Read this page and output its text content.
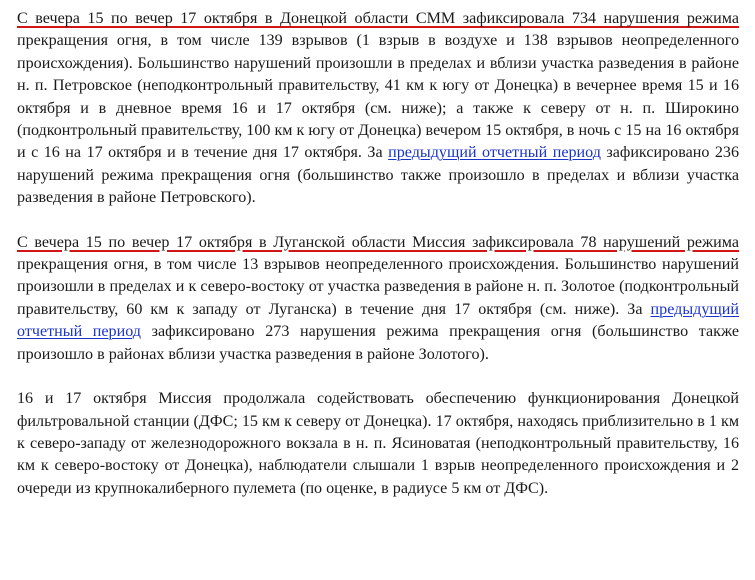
С вечера 15 по вечер 17 октября в Донецкой области СММ зафиксировала 734 нарушения режима прекращения огня, в том числе 139 взрывов (1 взрыв в воздухе и 138 взрывов неопределенного происхождения). Большинство нарушений произошли в пределах и вблизи участка разведения в районе н. п. Петровское (неподконтрольный правительству, 41 км к югу от Донецка) в вечернее время 15 и 16 октября и в дневное время 16 и 17 октября (см. ниже); а также к северу от н. п. Широкино (подконтрольный правительству, 100 км к югу от Донецка) вечером 15 октября, в ночь с 15 на 16 октября и с 16 на 17 октября и в течение дня 17 октября. За предыдущий отчетный период зафиксировано 236 нарушений режима прекращения огня (большинство также произошло в пределах и вблизи участка разведения в районе Петровского).

С вечера 15 по вечер 17 октября в Луганской области Миссия зафиксировала 78 нарушений режима прекращения огня, в том числе 13 взрывов неопределенного происхождения. Большинство нарушений произошли в пределах и к северо-востоку от участка разведения в районе н. п. Золотое (подконтрольный правительству, 60 км к западу от Луганска) в течение дня 17 октября (см. ниже). За предыдущий отчетный период зафиксировано 273 нарушения режима прекращения огня (большинство также произошло в районах вблизи участка разведения в районе Золотого).

16 и 17 октября Миссия продолжала содействовать обеспечению функционирования Донецкой фильтровальной станции (ДФС; 15 км к северу от Донецка). 17 октября, находясь приблизительно в 1 км к северо-западу от железнодорожного вокзала в н. п. Ясиноватая (неподконтрольный правительству, 16 км к северо-востоку от Донецка), наблюдатели слышали 1 взрыв неопределенного происхождения и 2 очереди из крупнокалиберного пулемета (по оценке, в радиусе 5 км от ДФС).
